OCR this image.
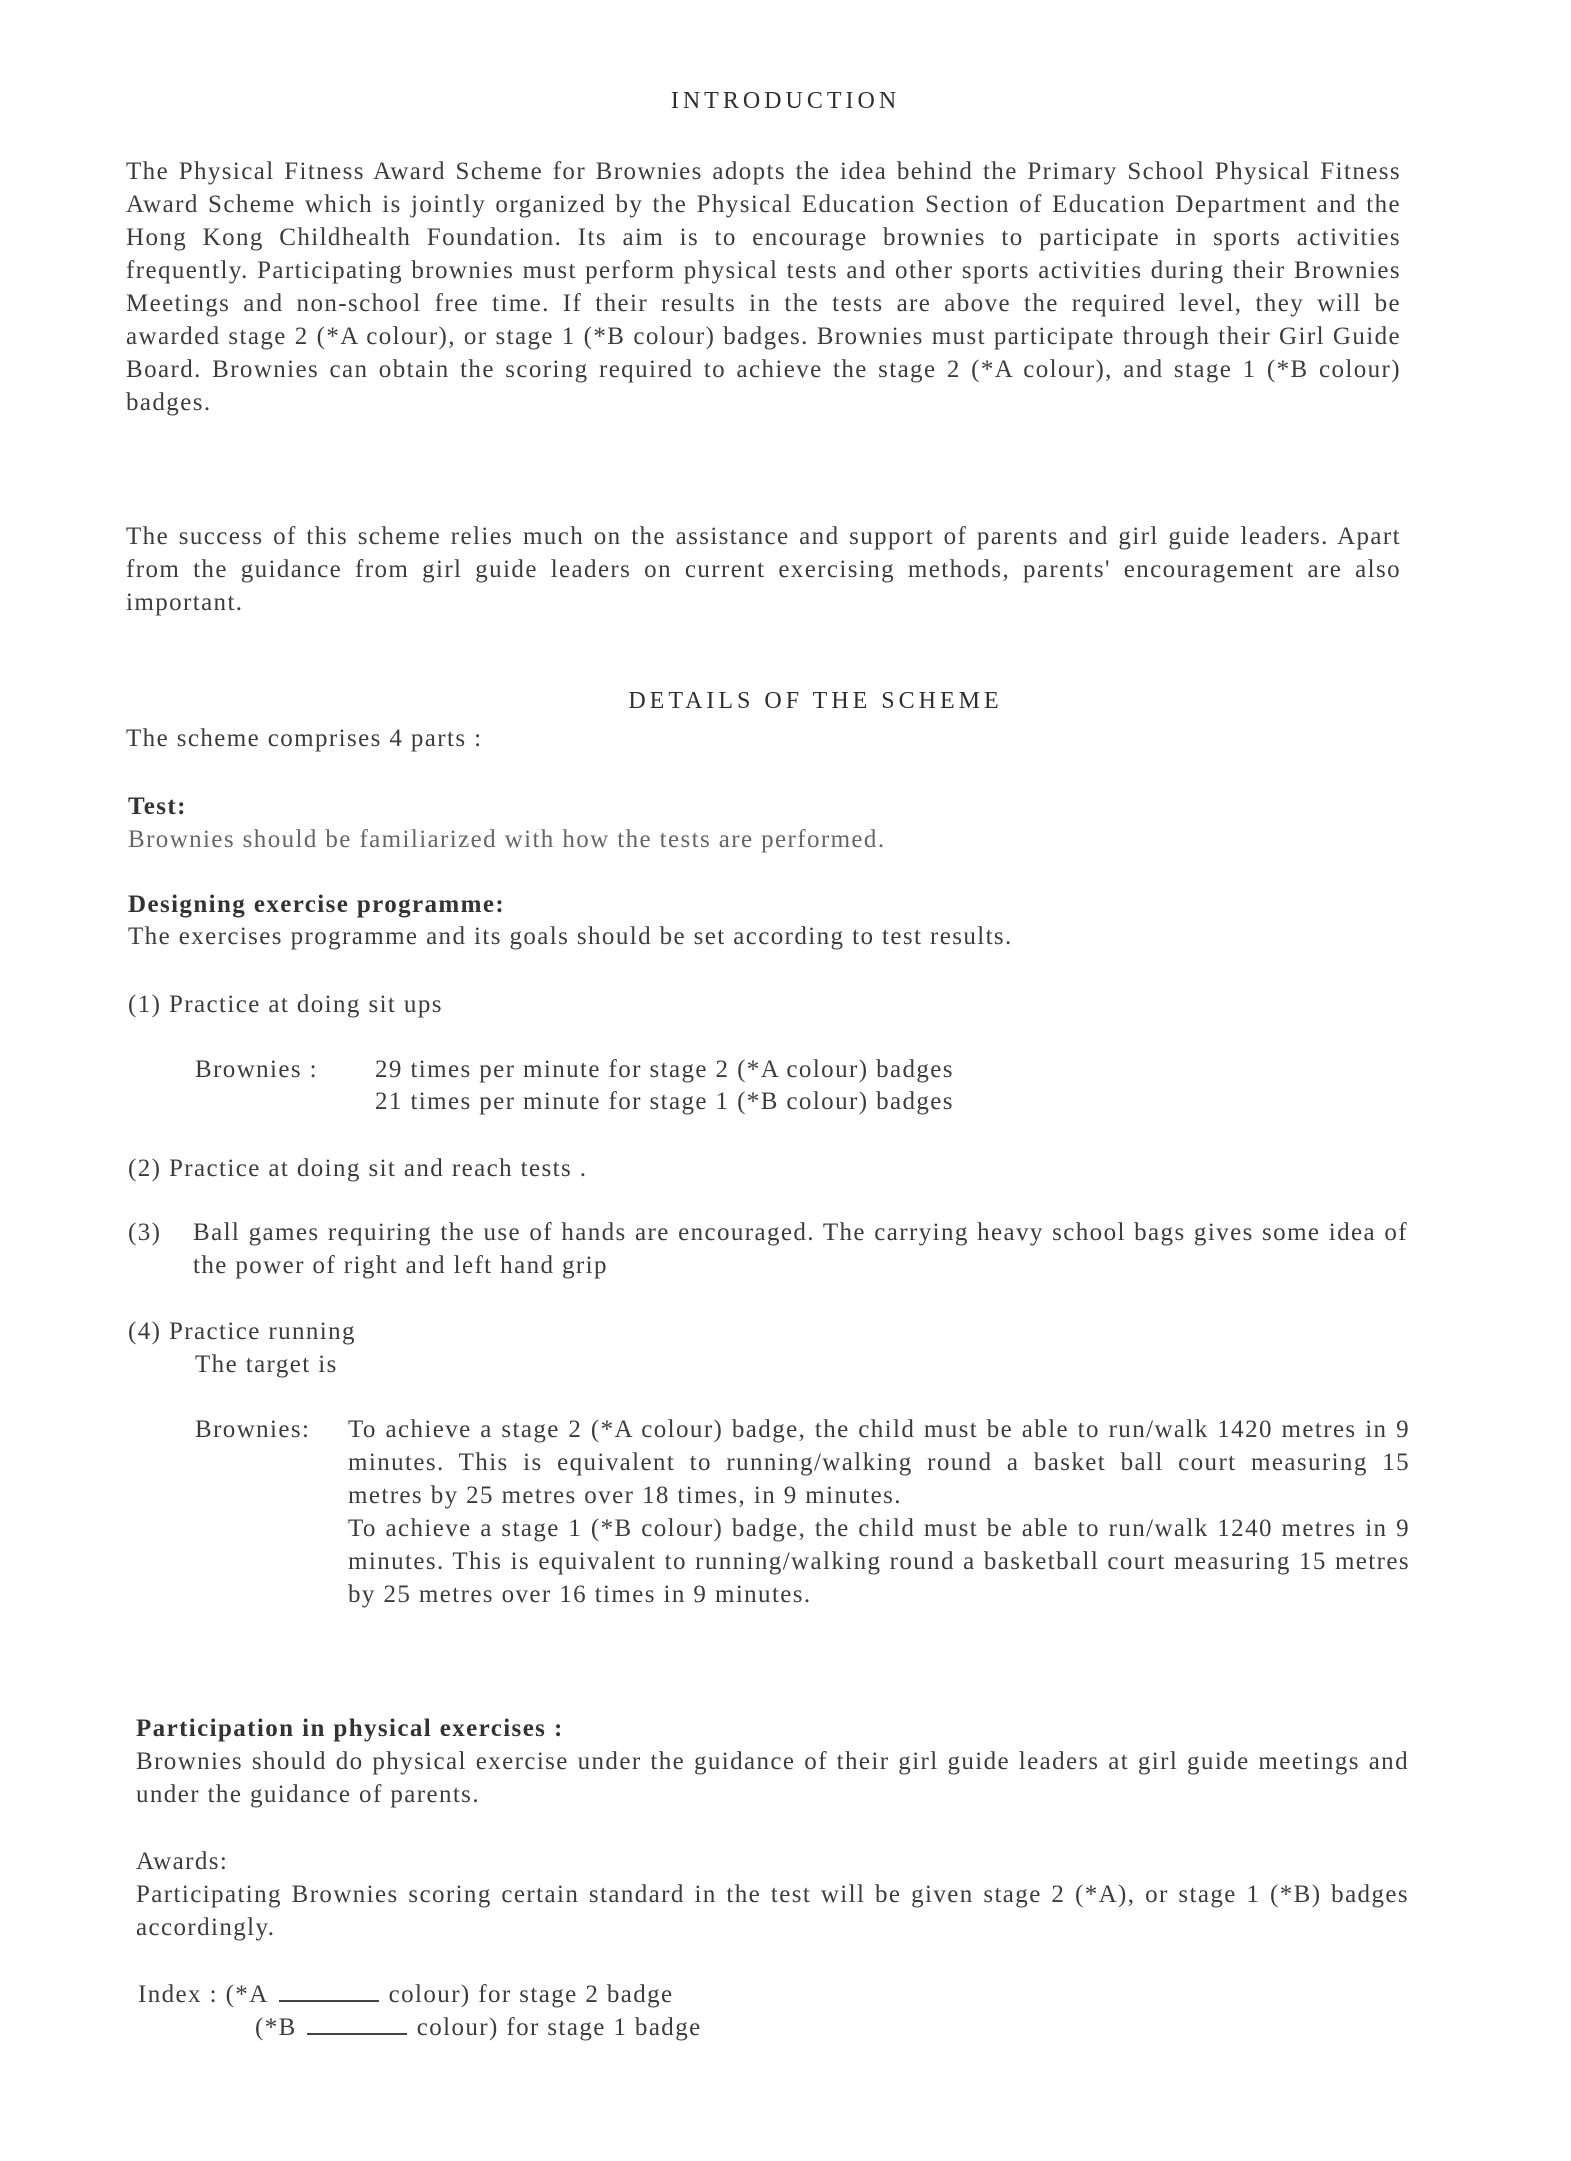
INTRODUCTION
The Physical Fitness Award Scheme for Brownies adopts the idea behind the Primary School Physical Fitness Award Scheme which is jointly organized by the Physical Education Section of Education Department and the Hong Kong Childhealth Foundation. Its aim is to encourage brownies to participate in sports activities frequently. Participating brownies must perform physical tests and other sports activities during their Brownies Meetings and non-school free time. If their results in the tests are above the required level, they will be awarded stage 2 (*A colour), or stage 1 (*B colour) badges. Brownies must participate through their Girl Guide Board. Brownies can obtain the scoring required to achieve the stage 2 (*A colour), and stage 1 (*B colour) badges.
The success of this scheme relies much on the assistance and support of parents and girl guide leaders. Apart from the guidance from girl guide leaders on current exercising methods, parents' encouragement are also important.
DETAILS OF THE SCHEME
The scheme comprises 4 parts :
Test:
Brownies should be familiarized with how the tests are performed.
Designing exercise programme:
The exercises programme and its goals should be set according to test results.
(1) Practice at doing sit ups
Brownies : 29 times per minute for stage 2 (*A colour) badges
21 times per minute for stage 1 (*B colour) badges
(2) Practice at doing sit and reach tests .
(3)	Ball games requiring the use of hands are encouraged. The carrying heavy school bags gives some idea of the power of right and left hand grip
(4) Practice running
The target is
Brownies:	To achieve a stage 2 (*A colour) badge, the child must be able to run/walk 1420 metres in 9 minutes. This is equivalent to running/walking round a basket ball court measuring 15 metres by 25 metres over 18 times, in 9 minutes.
To achieve a stage 1 (*B colour) badge, the child must be able to run/walk 1240 metres in 9 minutes. This is equivalent to running/walking round a basketball court measuring 15 metres by 25 metres over 16 times in 9 minutes.
Participation in physical exercises :
Brownies should do physical exercise under the guidance of their girl guide leaders at girl guide meetings and under the guidance of parents.
Awards:
Participating Brownies scoring certain standard in the test will be given stage 2 (*A), or stage 1 (*B) badges accordingly.
Index : (*A	colour) for stage 2 badge
(*B	colour) for stage 1 badge
